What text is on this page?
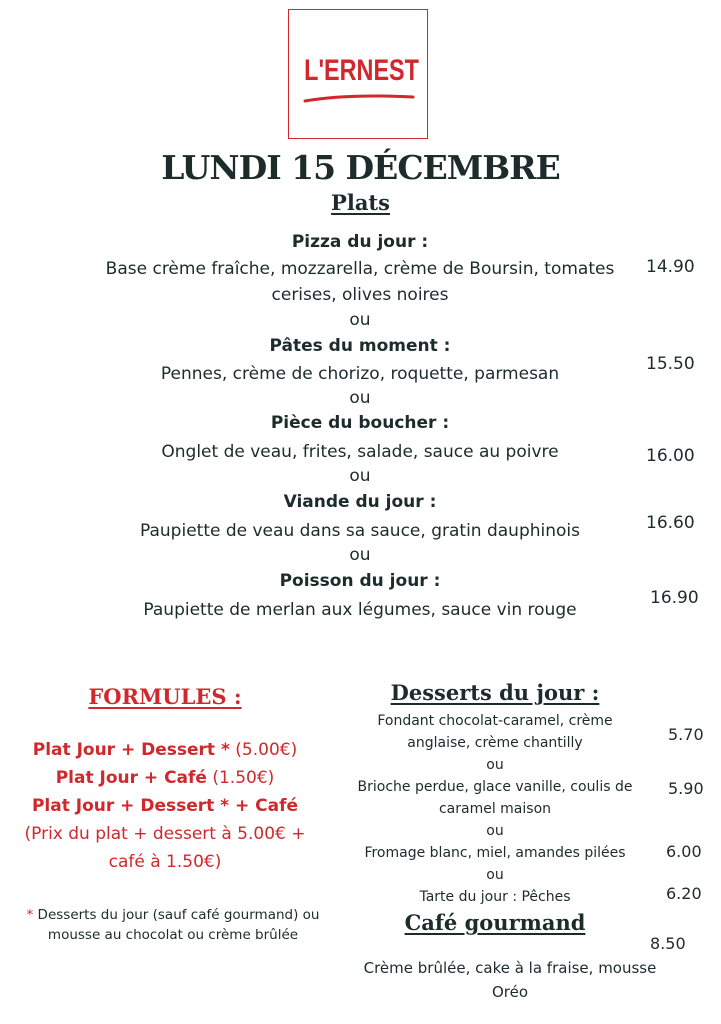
L'ERNEST
LUNDI 15 DÉCEMBRE
Plats
Pizza du jour :
Base crème fraîche, mozzarella, crème de Boursin, tomates cerises, olives noires
14.90
ou
Pâtes du moment :
Pennes, crème de chorizo, roquette, parmesan	15.50
ou
Pièce du boucher :
Onglet de veau, frites, salade, sauce au poivre	16.00
ou
Viande du jour :
Paupiette de veau dans sa sauce, gratin dauphinois	16.60
ou
Poisson du jour :
Paupiette de merlan aux légumes, sauce vin rouge
16.90
FORMULES :
Plat Jour + Dessert * (5.00€)
Plat Jour + Café (1.50€)
Plat Jour + Dessert * + Café
(Prix du plat + dessert à 5.00€ +
café à 1.50€)
* Desserts du jour (sauf café gourmand) ou
mousse au chocolat ou crème brûlée
Desserts du jour :
Fondant chocolat-caramel, crème
anglaise, crème chantilly	5.70
ou
Brioche perdue, glace vanille, coulis de
caramel maison
5.90
ou
Fromage blanc, miel, amandes pilées	6.00
ou
Tarte du jour : Pêches	6.20
Café gourmand
8.50
Crème brûlée, cake à la fraise, mousse
Oréo
